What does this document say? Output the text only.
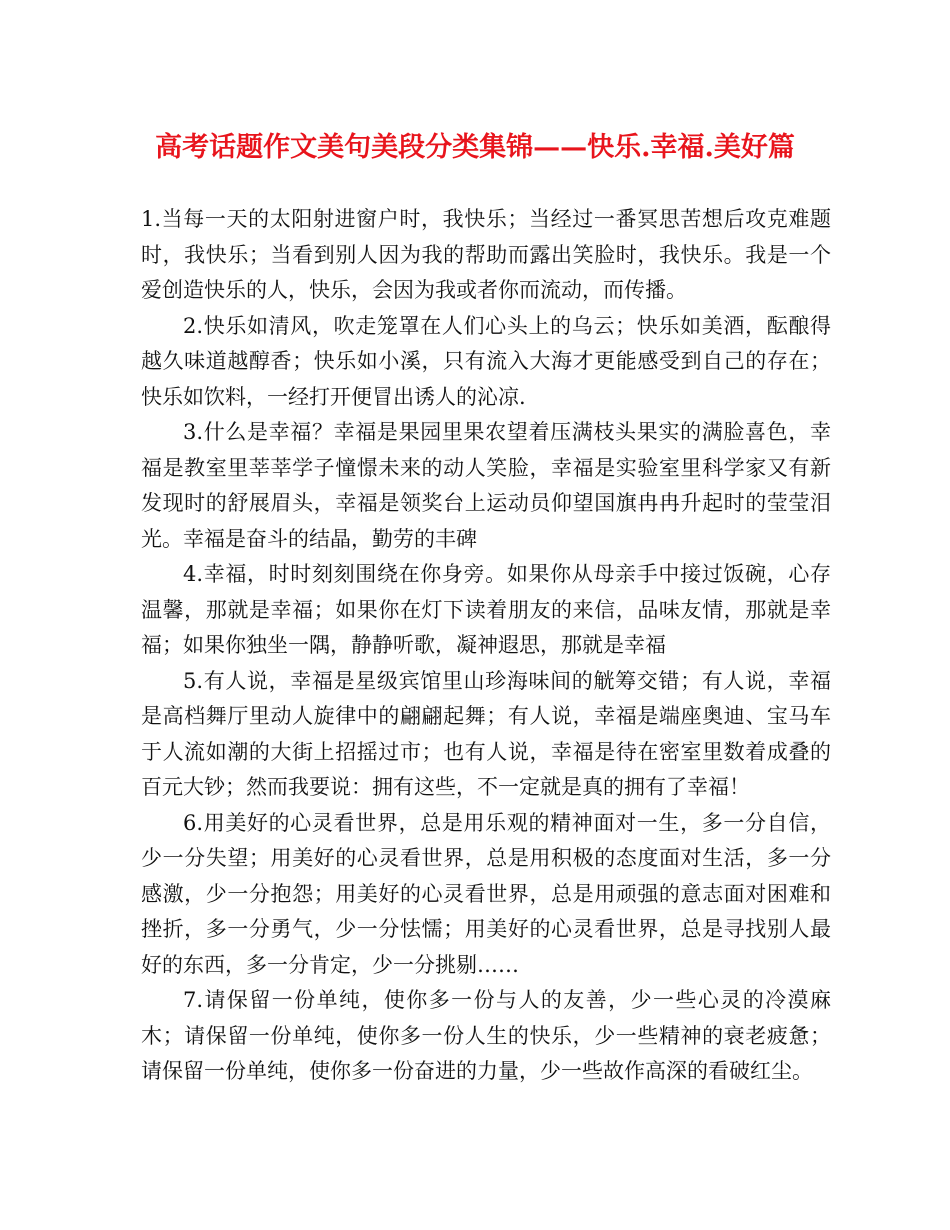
高考话题作文美句美段分类集锦——快乐.幸福.美好篇

1.当每一天的太阳射进窗户时，我快乐；当经过一番冥思苦想后攻克难题时，我快乐；当看到别人因为我的帮助而露出笑脸时，我快乐。我是一个爱创造快乐的人，快乐，会因为我或者你而流动，而传播。

2.快乐如清风，吹走笼罩在人们心头上的乌云；快乐如美酒，酝酿得越久味道越醇香；快乐如小溪，只有流入大海才更能感受到自己的存在；快乐如饮料，一经打开便冒出诱人的沁凉.

3.什么是幸福？幸福是果园里果农望着压满枝头果实的满脸喜色，幸福是教室里莘莘学子憧憬未来的动人笑脸，幸福是实验室里科学家又有新发现时的舒展眉头，幸福是领奖台上运动员仰望国旗冉冉升起时的莹莹泪光。幸福是奋斗的结晶，勤劳的丰碑

4.幸福，时时刻刻围绕在你身旁。如果你从母亲手中接过饭碗，心存温馨，那就是幸福；如果你在灯下读着朋友的来信，品味友情，那就是幸福；如果你独坐一隅，静静听歌，凝神遐思，那就是幸福

5.有人说，幸福是星级宾馆里山珍海味间的觥筹交错；有人说，幸福是高档舞厅里动人旋律中的翩翩起舞；有人说，幸福是端座奥迪、宝马车于人流如潮的大街上招摇过市；也有人说，幸福是待在密室里数着成叠的百元大钞；然而我要说：拥有这些，不一定就是真的拥有了幸福！

6.用美好的心灵看世界，总是用乐观的精神面对一生，多一分自信，少一分失望；用美好的心灵看世界，总是用积极的态度面对生活，多一分感激，少一分抱怨；用美好的心灵看世界，总是用顽强的意志面对困难和挫折，多一分勇气，少一分怯懦；用美好的心灵看世界，总是寻找别人最好的东西，多一分肯定，少一分挑剔……

7.请保留一份单纯，使你多一份与人的友善，少一些心灵的冷漠麻木；请保留一份单纯，使你多一份人生的快乐，少一些精神的衰老疲惫；请保留一份单纯，使你多一份奋进的力量，少一些故作高深的看破红尘。
